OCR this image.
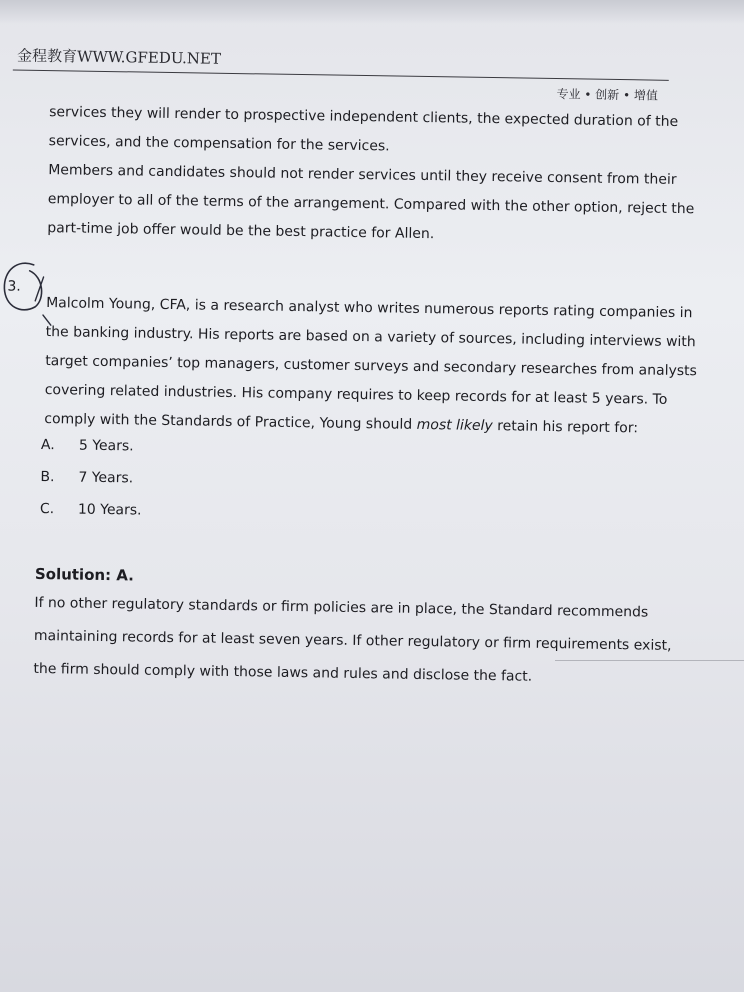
金程教育WWW.GFEDU.NET
专业 • 创新 • 增值
services they will render to prospective independent clients, the expected duration of the
services, and the compensation for the services.
Members and candidates should not render services until they receive consent from their
employer to all of the terms of the arrangement. Compared with the other option, reject the
part-time job offer would be the best practice for Allen.
3.
Malcolm Young, CFA, is a research analyst who writes numerous reports rating companies in
the banking industry. His reports are based on a variety of sources, including interviews with
target companies’ top managers, customer surveys and secondary researches from analysts
covering related industries. His company requires to keep records for at least 5 years. To
comply with the Standards of Practice, Young should most likely retain his report for:
A. 5 Years.
B. 7 Years.
C. 10 Years.
Solution: A.
If no other regulatory standards or firm policies are in place, the Standard recommends
maintaining records for at least seven years. If other regulatory or firm requirements exist,
the firm should comply with those laws and rules and disclose the fact.
